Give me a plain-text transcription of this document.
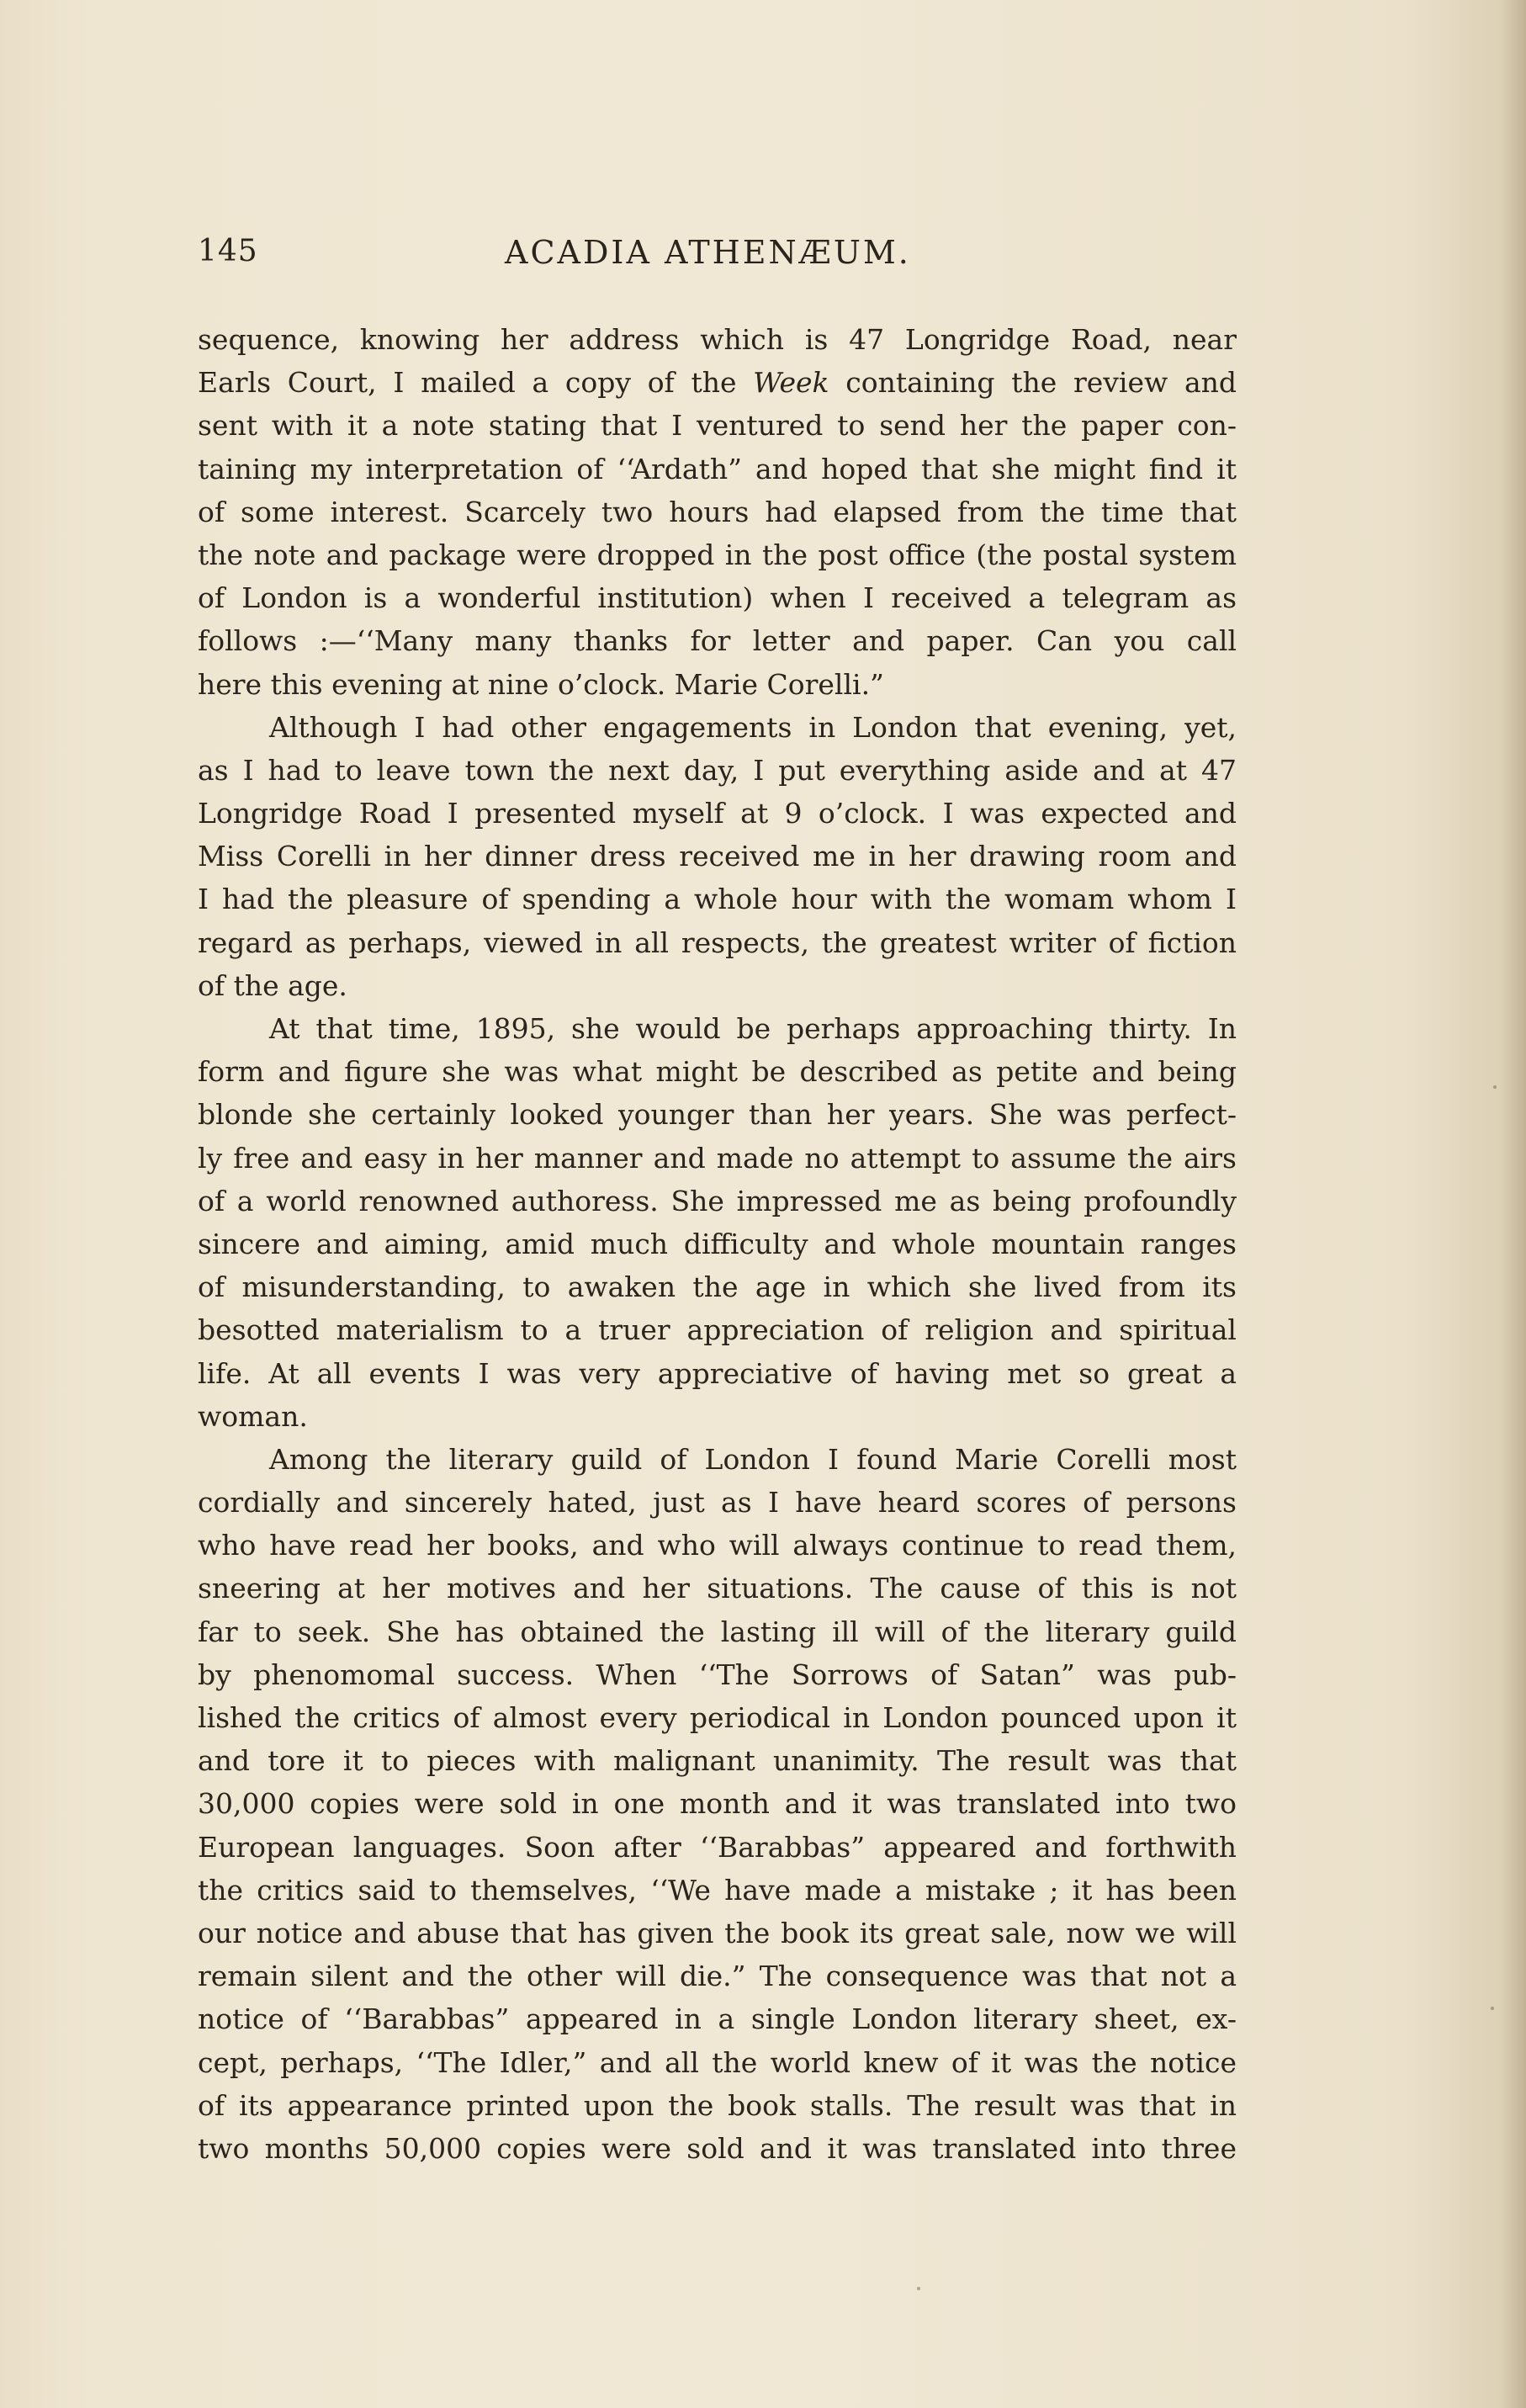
145	ACADIA ATHENÆUM.
sequence, knowing her address which is 47 Longridge Road, near
Earls Court, I mailed a copy of the Week containing the review and
sent with it a note stating that I ventured to send her the paper con-
taining my interpretation of ‘‘Ardath” and hoped that she might find it
of some interest. Scarcely two hours had elapsed from the time that
the note and package were dropped in the post office (the postal system
of London is a wonderful institution) when I received a telegram as
follows :—‘‘Many many thanks for letter and paper. Can you call
here this evening at nine o’clock. Marie Corelli.”
Although I had other engagements in London that evening, yet,
as I had to leave town the next day, I put everything aside and at 47
Longridge Road I presented myself at 9 o’clock. I was expected and
Miss Corelli in her dinner dress received me in her drawing room and
I had the pleasure of spending a whole hour with the womam whom I
regard as perhaps, viewed in all respects, the greatest writer of fiction
of the age.
At that time, 1895, she would be perhaps approaching thirty. In
form and figure she was what might be described as petite and being
blonde she certainly looked younger than her years. She was perfect-
ly free and easy in her manner and made no attempt to assume the airs
of a world renowned authoress. She impressed me as being profoundly
sincere and aiming, amid much difficulty and whole mountain ranges
of misunderstanding, to awaken the age in which she lived from its
besotted materialism to a truer appreciation of religion and spiritual
life. At all events I was very appreciative of having met so great a
woman.
Among the literary guild of London I found Marie Corelli most
cordially and sincerely hated, just as I have heard scores of persons
who have read her books, and who will always continue to read them,
sneering at her motives and her situations. The cause of this is not
far to seek. She has obtained the lasting ill will of the literary guild
by phenomomal success. When ‘‘The Sorrows of Satan” was pub-
lished the critics of almost every periodical in London pounced upon it
and tore it to pieces with malignant unanimity. The result was that
30,000 copies were sold in one month and it was translated into two
European languages. Soon after ‘‘Barabbas” appeared and forthwith
the critics said to themselves, ‘‘We have made a mistake ; it has been
our notice and abuse that has given the book its great sale, now we will
remain silent and the other will die.” The consequence was that not a
notice of ‘‘Barabbas” appeared in a single London literary sheet, ex-
cept, perhaps, ‘‘The Idler,” and all the world knew of it was the notice
of its appearance printed upon the book stalls. The result was that in
two months 50,000 copies were sold and it was translated into three
